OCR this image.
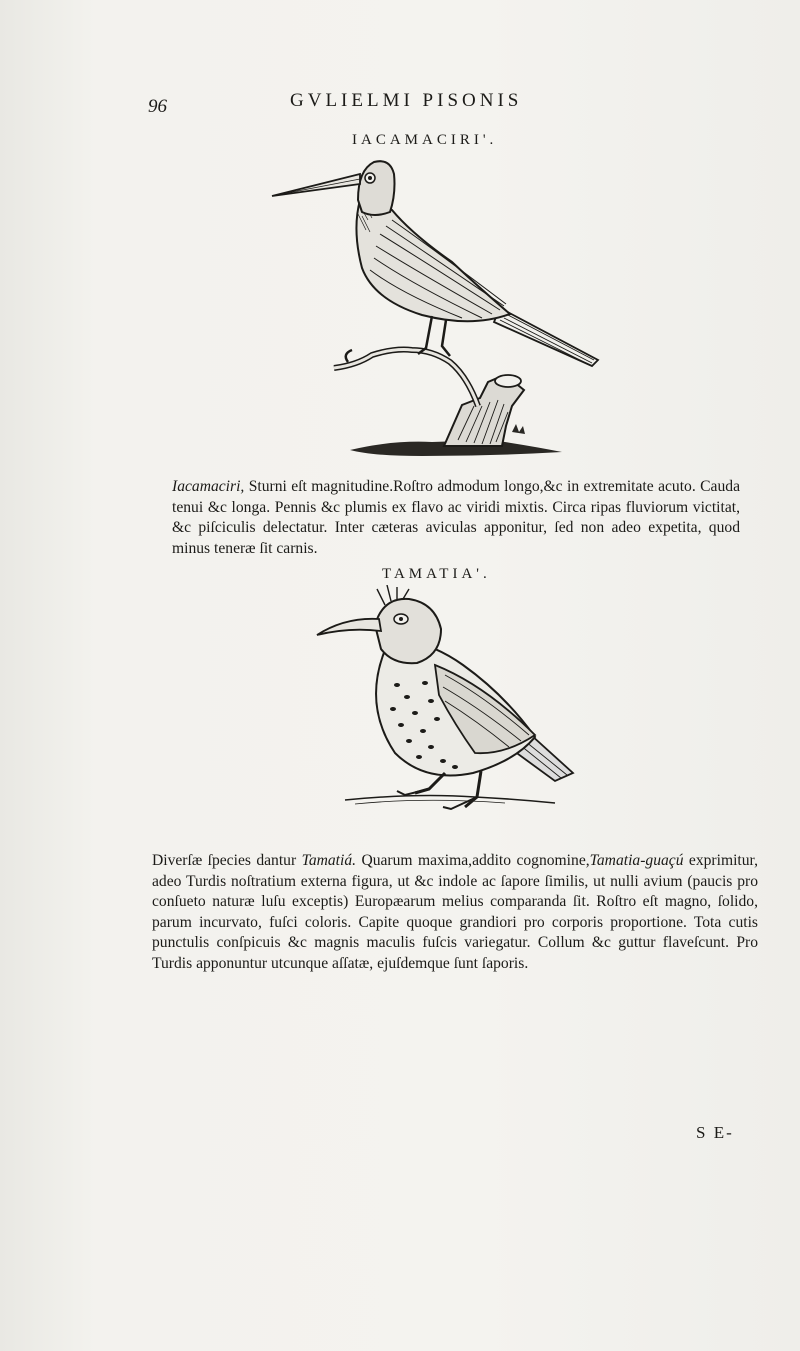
96	GVLIELMI PISONIS
IACAMACIRI'.
Iacamaciri, Sturni eſt magnitudine.Roſtro admodum longo,&c in extremitate acuto. Cauda tenui &c longa. Pennis &c plumis ex flavo ac viridi mixtis. Circa ripas fluviorum victitat, &c piſciculis delectatur. Inter cæteras aviculas apponitur, ſed non adeo expetita, quod minus teneræ ſit carnis.
TAMATIA'.
Diverſæ ſpecies dantur Tamatiá. Quarum maxima,addito cognomine,Tamatia-guaçú exprimitur, adeo Turdis noſtratium externa figura, ut &c indole ac ſapore ſimilis, ut nulli avium (paucis pro conſueto naturæ luſu exceptis) Europæarum melius comparanda ſit. Roſtro eſt magno, ſolido, parum incurvato, fuſci coloris. Capite quoque grandiori pro corporis proportione. Tota cutis punctulis conſpicuis &c magnis maculis fuſcis variegatur. Collum &c guttur flaveſcunt. Pro Turdis apponuntur utcunque aſſatæ, ejuſdemque ſunt ſaporis.
S E-
